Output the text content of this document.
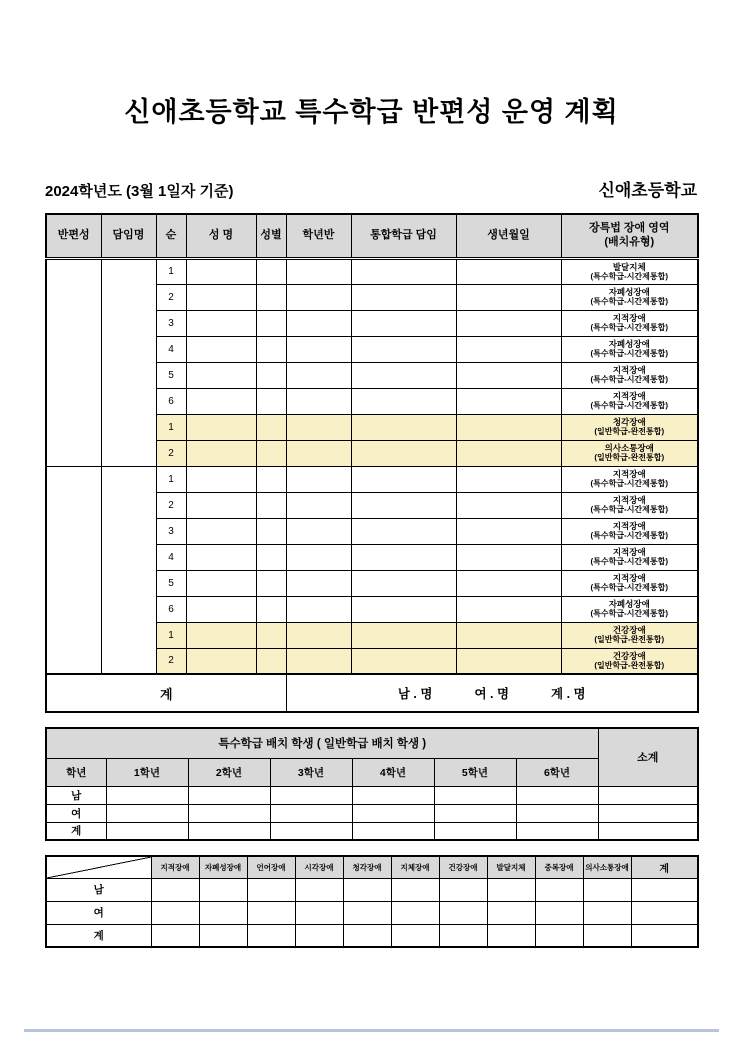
신애초등학교 특수학급 반편성 운영 계획
2024학년도 (3월 1일자 기준)	신애초등학교
반편성	담임명	순	성 명	성별	학년반	통합학급 담임	생년월일	장특법 장애 영역
(배치유형)

		1						발달지체
(특수학급-시간제통합)

		2						자폐성장애
(특수학급-시간제통합)

		3						지적장애
(특수학급-시간제통합)

		4						자폐성장애
(특수학급-시간제통합)

		5						지적장애
(특수학급-시간제통합)

		6						지적장애
(특수학급-시간제통합)

		1						청각장애
(일반학급-완전통합)

		2						의사소통장애
(일반학급-완전통합)

		1						지적장애
(특수학급-시간제통합)

		2						지적장애
(특수학급-시간제통합)

		3						지적장애
(특수학급-시간제통합)

		4						지적장애
(특수학급-시간제통합)

		5						지적장애
(특수학급-시간제통합)

		6						자폐성장애
(특수학급-시간제통합)

		1						건강장애
(일반학급-완전통합)

		2						건강장애
(일반학급-완전통합)

계					남 . 명 여 . 명 계 . 명			
특수학급 배치 학생 ( 일반학급 배치 학생 )							소계
학년	1학년	2학년	3학년	4학년	5학년	6학년	
남							
여							
계							
	지적장애	자폐성장애	언어장애	시각장애	청각장애	지체장애	건강장애	발달지체	중복장애	의사소통장애	계
남											
여											
계											
